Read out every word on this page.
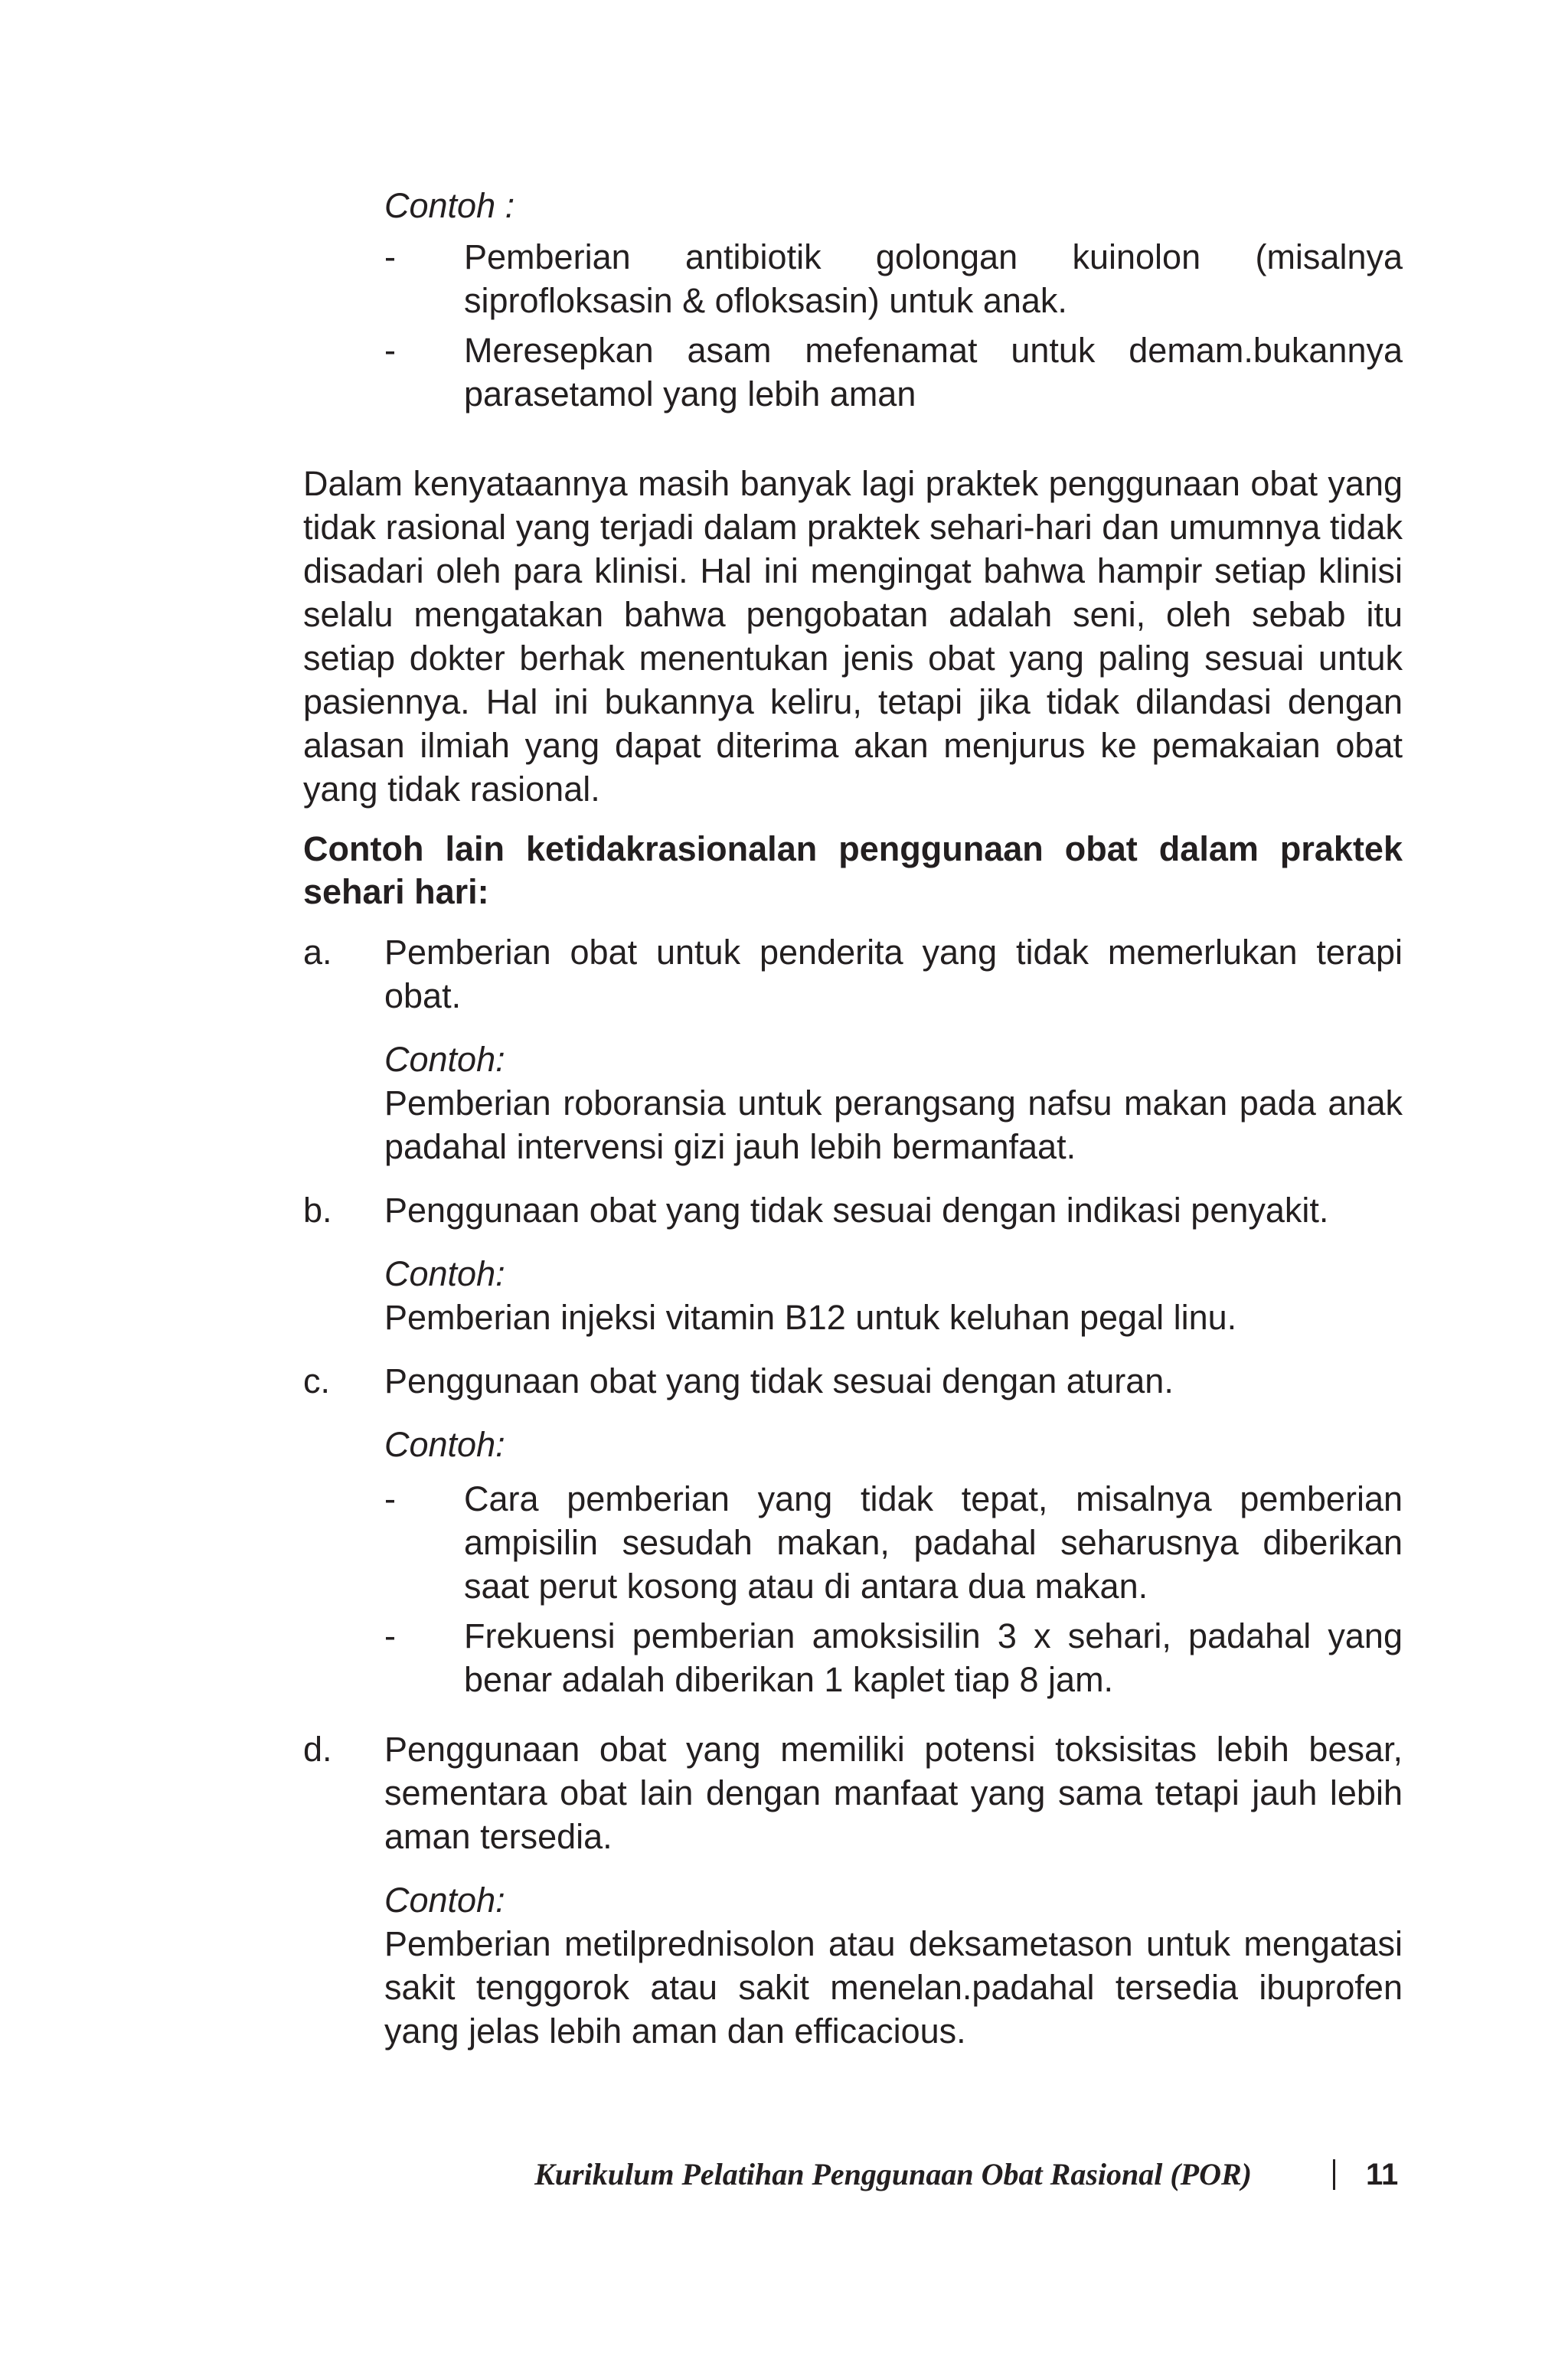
Contoh :

-	Pemberian antibiotik golongan kuinolon (misalnya siprofloksasin & ofloksasin) untuk anak.
-	Meresepkan asam mefenamat untuk demam.bukannya parasetamol yang lebih aman

Dalam kenyataannya masih banyak lagi praktek penggunaan obat yang tidak rasional yang terjadi dalam praktek sehari-hari dan umumnya tidak disadari oleh para klinisi. Hal ini mengingat bahwa hampir setiap klinisi selalu mengatakan bahwa pengobatan adalah seni, oleh sebab itu setiap dokter berhak menentukan jenis obat yang paling sesuai untuk pasiennya. Hal ini bukannya keliru, tetapi jika tidak dilandasi dengan alasan ilmiah yang dapat diterima akan menjurus ke pemakaian obat yang tidak rasional.

Contoh lain ketidakrasionalan penggunaan obat dalam praktek sehari hari:

a.	Pemberian obat untuk penderita yang tidak memerlukan terapi obat.

Contoh:

Pemberian roboransia untuk perangsang nafsu makan pada anak padahal intervensi gizi jauh lebih bermanfaat.

b.	Penggunaan obat yang tidak sesuai dengan indikasi penyakit.

Contoh:

Pemberian injeksi vitamin B12 untuk keluhan pegal linu.

c.	Penggunaan obat yang tidak sesuai dengan aturan.

Contoh:

-	Cara pemberian yang tidak tepat, misalnya pemberian ampisilin sesudah makan, padahal seharusnya diberikan saat perut kosong atau di antara dua makan.
-	Frekuensi pemberian amoksisilin 3 x sehari, padahal yang benar adalah diberikan 1 kaplet tiap 8 jam.
d.	Penggunaan obat yang memiliki potensi toksisitas lebih besar, sementara obat lain dengan manfaat yang sama tetapi jauh lebih aman tersedia.

Contoh:

Pemberian metilprednisolon atau deksametason untuk mengatasi sakit tenggorok atau sakit menelan.padahal tersedia ibuprofen yang jelas lebih aman dan efficacious.

Kurikulum Pelatihan Penggunaan Obat Rasional (POR)	11
